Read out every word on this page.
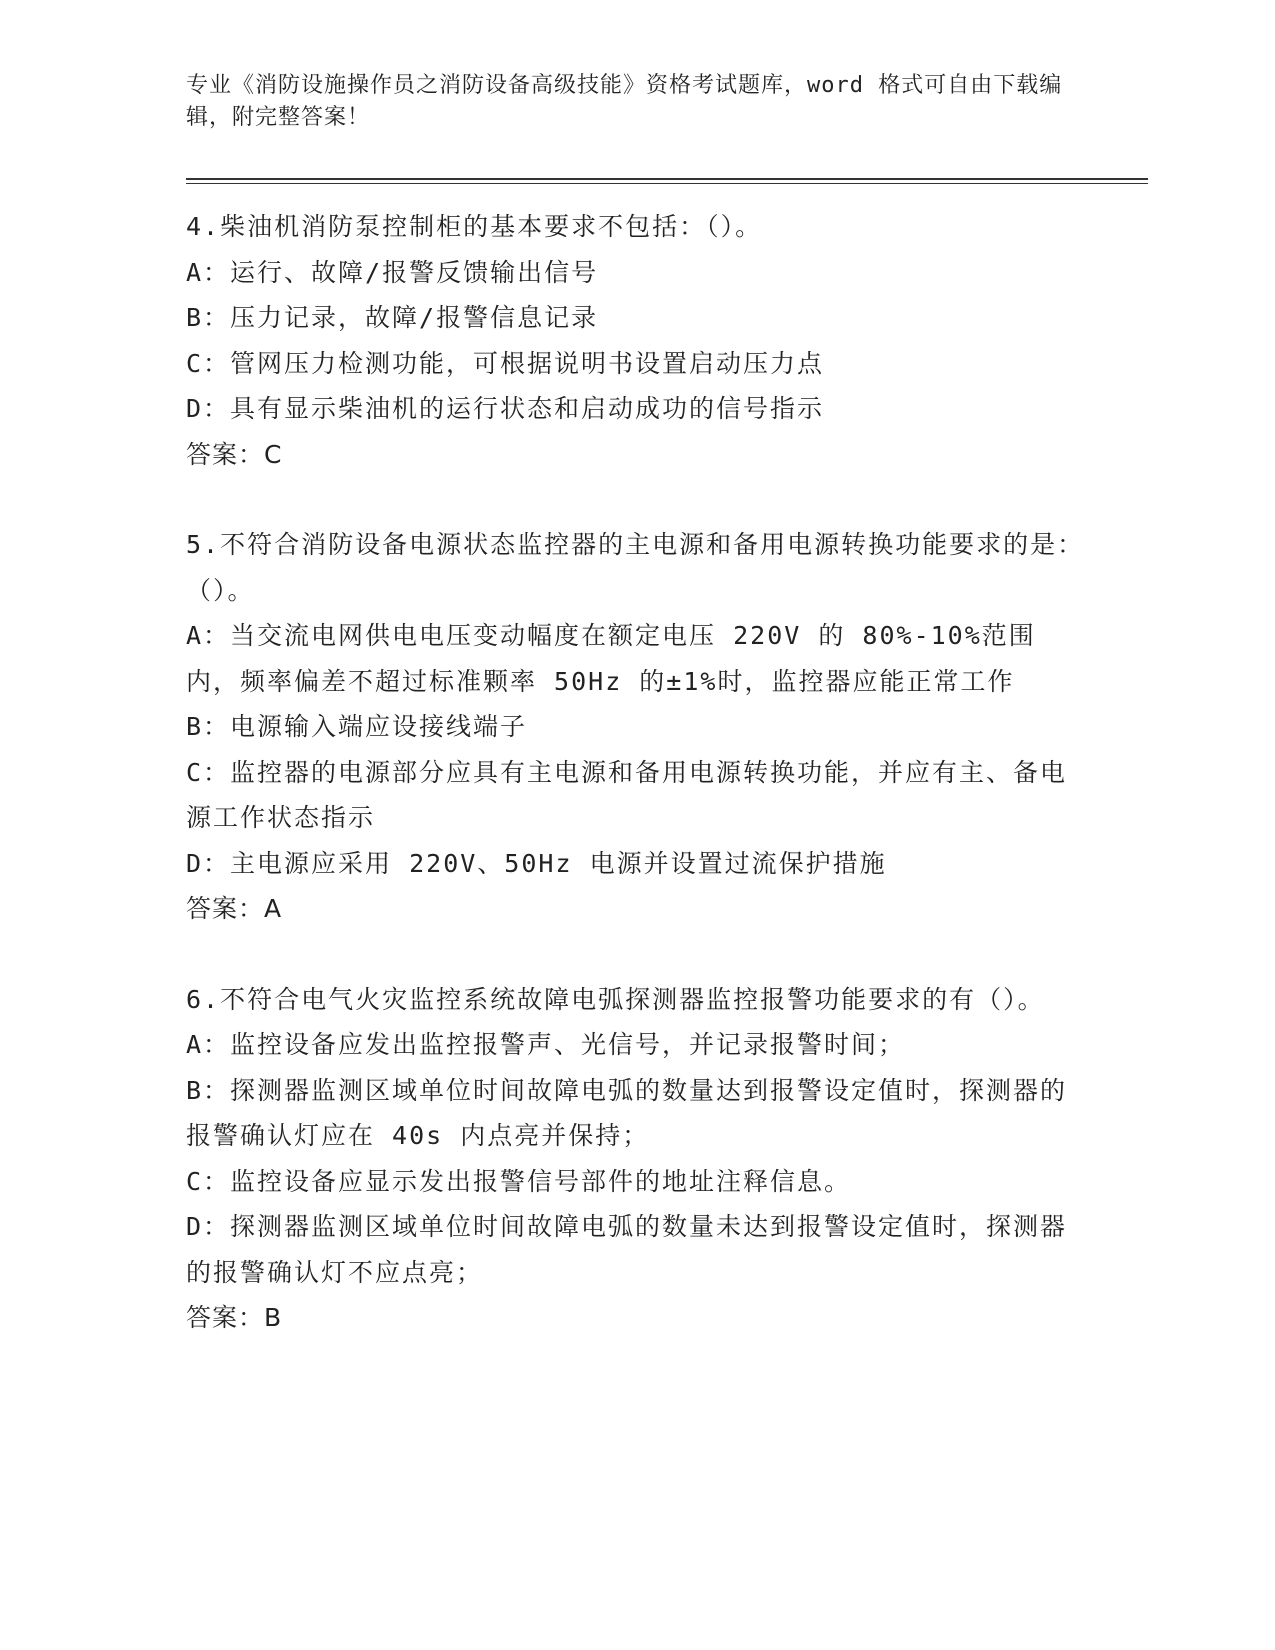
专业《消防设施操作员之消防设备高级技能》资格考试题库，word 格式可自由下载编辑，附完整答案！

4.柴油机消防泵控制柜的基本要求不包括：（）。

A：运行、故障/报警反馈输出信号

B：压力记录，故障/报警信息记录

C：管网压力检测功能，可根据说明书设置启动压力点

D：具有显示柴油机的运行状态和启动成功的信号指示

答案：C

5.不符合消防设备电源状态监控器的主电源和备用电源转换功能要求的是：（）。

A：当交流电网供电电压变动幅度在额定电压 220V 的 80%-10%范围内，频率偏差不超过标准颗率 50Hz 的±1%时，监控器应能正常工作

B：电源输入端应设接线端子

C：监控器的电源部分应具有主电源和备用电源转换功能，并应有主、备电源工作状态指示

D：主电源应采用 220V、50Hz 电源并设置过流保护措施

答案：A

6.不符合电气火灾监控系统故障电弧探测器监控报警功能要求的有（）。

A：监控设备应发出监控报警声、光信号，并记录报警时间；

B：探测器监测区域单位时间故障电弧的数量达到报警设定值时，探测器的报警确认灯应在 40s 内点亮并保持；

C：监控设备应显示发出报警信号部件的地址注释信息。

D：探测器监测区域单位时间故障电弧的数量未达到报警设定值时，探测器的报警确认灯不应点亮；

答案：B
